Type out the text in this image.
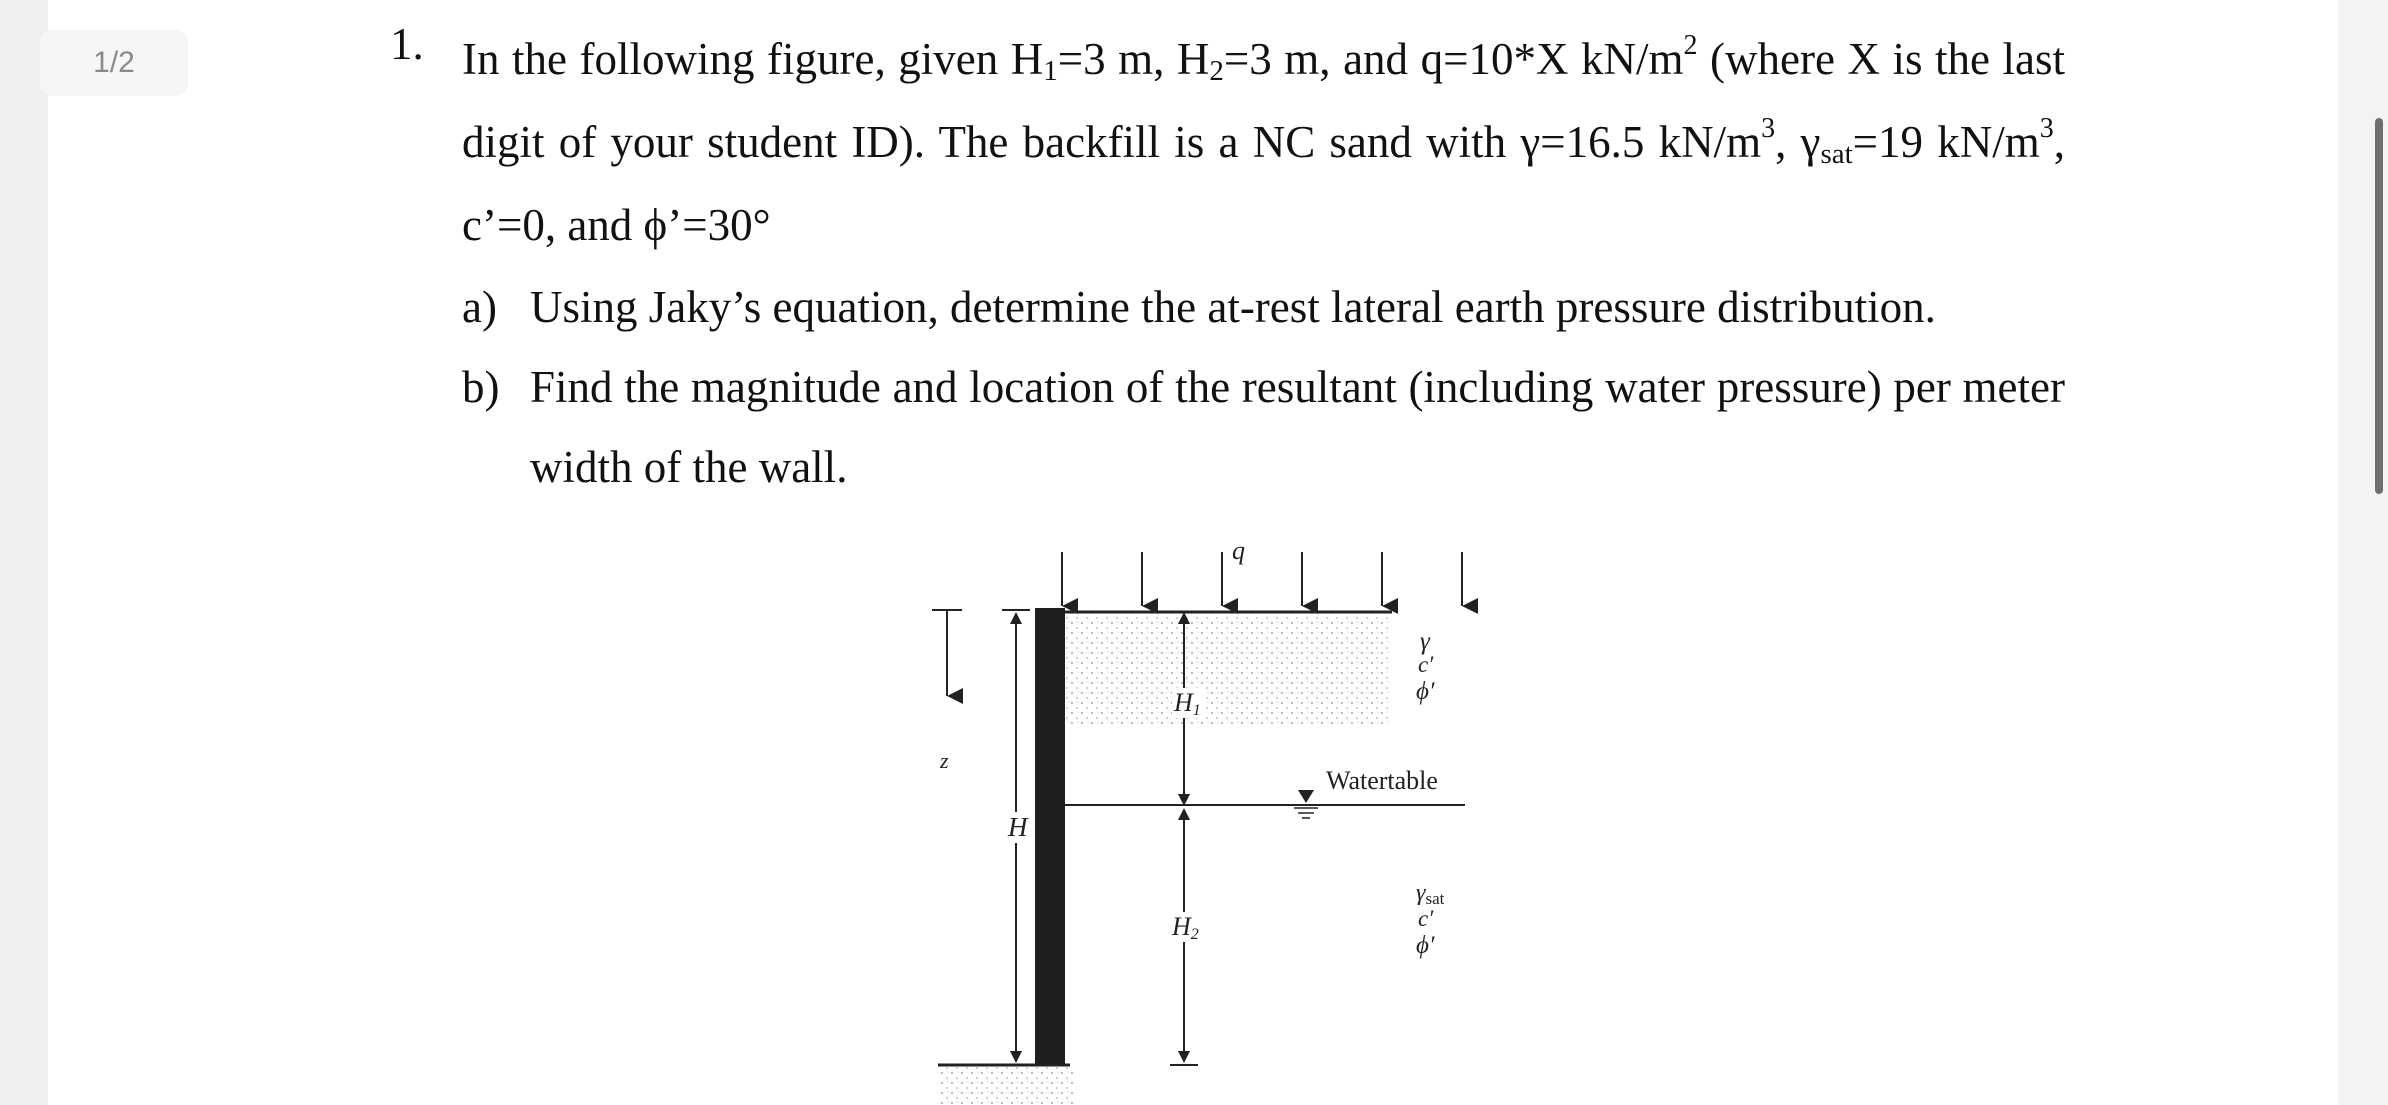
1/2	1. In the following figure, given $H_1=3$ m, $H_2=3$ m, and q=10*X $kN/m^2$ (where X is the last digit of your student ID). The backfill is a NC sand with γ=16.5 $kN/m^3$, $\gamma_{sat}=19$ $kN/m^3$, c’=0, and ϕ’=30°
a) Using Jaky’s equation, determine the at-rest lateral earth pressure distribution.
b) Find the magnitude and location of the resultant (including water pressure) per meter width of the wall.
q
γ
c′
ϕ′
$H_1$
z
H
Watertable
$\gamma_{sat}$
c′
ϕ′
$H_2$
